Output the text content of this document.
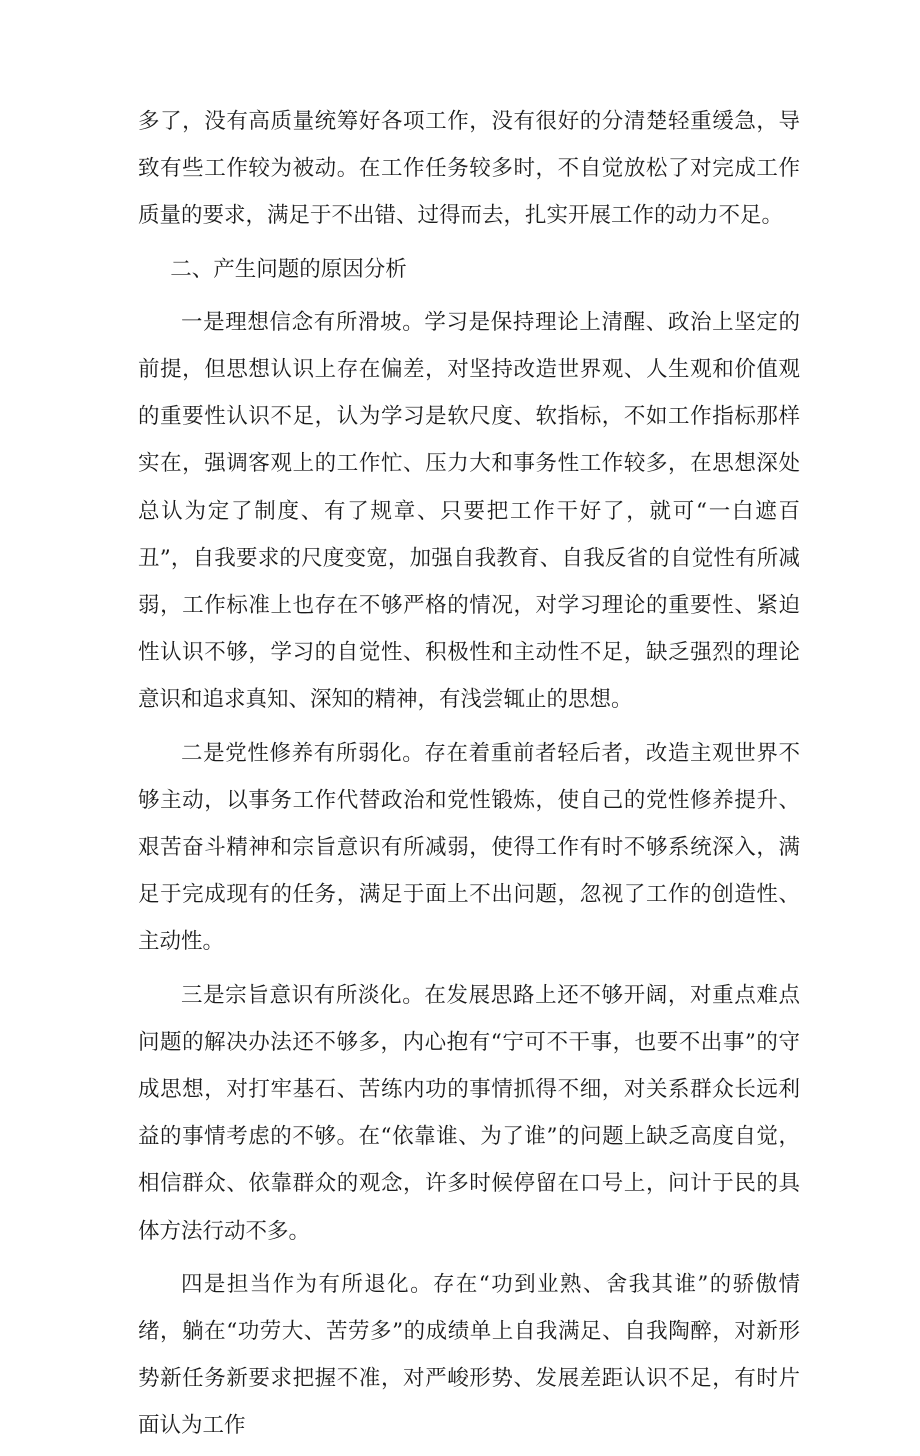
多了，没有高质量统筹好各项工作，没有很好的分清楚轻重缓急，导致有些工作较为被动。在工作任务较多时，不自觉放松了对完成工作质量的要求，满足于不出错、过得而去，扎实开展工作的动力不足。

二、产生问题的原因分析

一是理想信念有所滑坡。学习是保持理论上清醒、政治上坚定的前提，但思想认识上存在偏差，对坚持改造世界观、人生观和价值观的重要性认识不足，认为学习是软尺度、软指标，不如工作指标那样实在，强调客观上的工作忙、压力大和事务性工作较多，在思想深处总认为定了制度、有了规章、只要把工作干好了，就可“一白遮百丑”，自我要求的尺度变宽，加强自我教育、自我反省的自觉性有所减弱，工作标准上也存在不够严格的情况，对学习理论的重要性、紧迫性认识不够，学习的自觉性、积极性和主动性不足，缺乏强烈的理论意识和追求真知、深知的精神，有浅尝辄止的思想。

二是党性修养有所弱化。存在着重前者轻后者，改造主观世界不够主动，以事务工作代替政治和党性锻炼，使自己的党性修养提升、艰苦奋斗精神和宗旨意识有所减弱，使得工作有时不够系统深入，满足于完成现有的任务，满足于面上不出问题，忽视了工作的创造性、主动性。

三是宗旨意识有所淡化。在发展思路上还不够开阔，对重点难点问题的解决办法还不够多，内心抱有“宁可不干事，也要不出事”的守成思想，对打牢基石、苦练内功的事情抓得不细，对关系群众长远利益的事情考虑的不够。在“依靠谁、为了谁”的问题上缺乏高度自觉，相信群众、依靠群众的观念，许多时候停留在口号上，问计于民的具体方法行动不多。

四是担当作为有所退化。存在“功到业熟、舍我其谁”的骄傲情绪，躺在“功劳大、苦劳多”的成绩单上自我满足、自我陶醉，对新形势新任务新要求把握不准，对严峻形势、发展差距认识不足，有时片面认为工作
